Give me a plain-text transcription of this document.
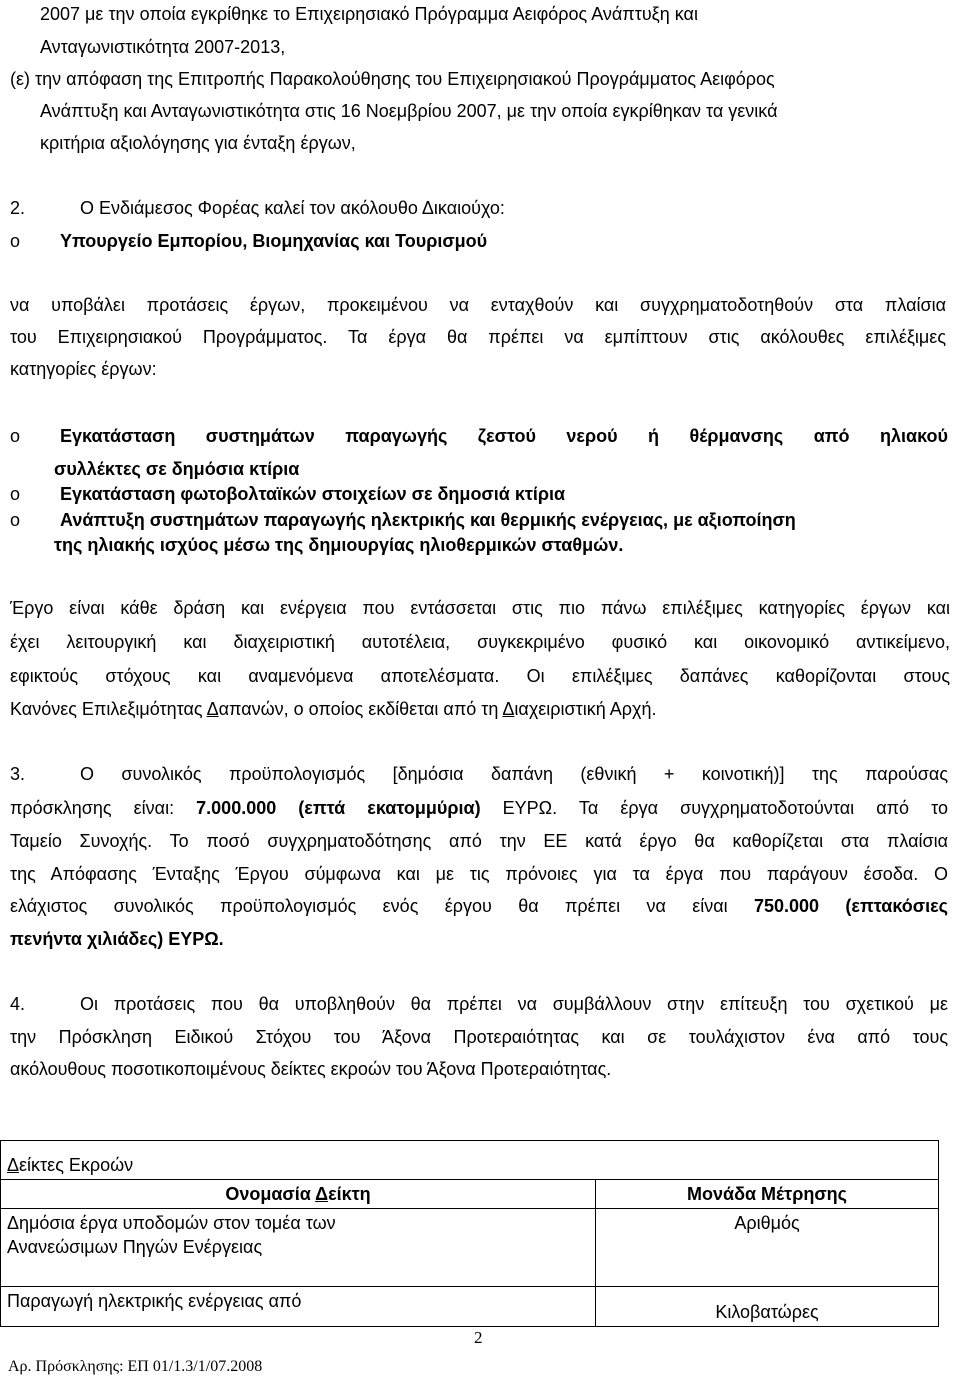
2007 με την οποία εγκρίθηκε το Επιχειρησιακό Πρόγραμμα Αειφόρος Ανάπτυξη και
Ανταγωνιστικότητα 2007-2013,
(ε) την απόφαση της Επιτροπής Παρακολούθησης του Επιχειρησιακού Προγράμματος Αειφόρος
Ανάπτυξη και Ανταγωνιστικότητα στις 16 Νοεμβρίου 2007, με την οποία εγκρίθηκαν τα γενικά
κριτήρια αξιολόγησης για ένταξη έργων,
2.	Ο Ενδιάμεσος Φορέας καλεί τον ακόλουθο Δικαιούχο:
o Υπουργείο Εμπορίου, Βιομηχανίας και Τουρισμού
να υποβάλει προτάσεις έργων, προκειμένου να ενταχθούν και συγχρηματοδοτηθούν στα πλαίσια
του Επιχειρησιακού Προγράμματος. Τα έργα θα πρέπει να εμπίπτουν στις ακόλουθες επιλέξιμες
κατηγορίες έργων:
o Εγκατάσταση συστημάτων παραγωγής ζεστού νερού ή θέρμανσης από ηλιακού
συλλέκτες σε δημόσια κτίρια
o Εγκατάσταση φωτοβολταϊκών στοιχείων σε δημοσιά κτίρια
o Ανάπτυξη συστημάτων παραγωγής ηλεκτρικής και θερμικής ενέργειας, με αξιοποίηση
της ηλιακής ισχύος μέσω της δημιουργίας ηλιοθερμικών σταθμών.
Έργο είναι κάθε δράση και ενέργεια που εντάσσεται στις πιο πάνω επιλέξιμες κατηγορίες έργων και
έχει λειτουργική και διαχειριστική αυτοτέλεια, συγκεκριμένο φυσικό και οικονομικό αντικείμενο,
εφικτούς στόχους και αναμενόμενα αποτελέσματα. Οι επιλέξιμες δαπάνες καθορίζονται στους
Κανόνες Επιλεξιμότητας Δαπανών, ο οποίος εκδίθεται από τη Διαχειριστική Αρχή.
3.	Ο συνολικός προϋπολογισμός [δημόσια δαπάνη (εθνική + κοινοτική)] της παρούσας
πρόσκλησης είναι: 7.000.000 (επτά εκατομμύρια) ΕΥΡΩ. Τα έργα συγχρηματοδοτούνται από το
Ταμείο Συνοχής. Το ποσό συγχρηματοδότησης από την ΕΕ κατά έργο θα καθορίζεται στα πλαίσια
της Απόφασης Ένταξης Έργου σύμφωνα και με τις πρόνοιες για τα έργα που παράγουν έσοδα. Ο
ελάχιστος συνολικός προϋπολογισμός ενός έργου θα πρέπει να είναι 750.000 (επτακόσιες
πενήντα χιλιάδες) ΕΥΡΩ.
4.	Οι προτάσεις που θα υποβληθούν θα πρέπει να συμβάλλουν στην επίτευξη του σχετικού με
την Πρόσκληση Ειδικού Στόχου του Άξονα Προτεραιότητας και σε τουλάχιστον ένα από τους
ακόλουθους ποσοτικοποιμένους δείκτες εκροών του Άξονα Προτεραιότητας.
Δείκτες Εκροών	
Ονομασία Δείκτη	Μονάδα Μέτρησης

Δημόσια έργα υποδομών στον τομέα των
Ανανεώσιμων Πηγών Ενέργειας	Αριθμός

Παραγωγή ηλεκτρικής ενέργειας από	Κιλοβατώρες
2
Αρ. Πρόσκλησης: ΕΠ 01/1.3/1/07.2008
